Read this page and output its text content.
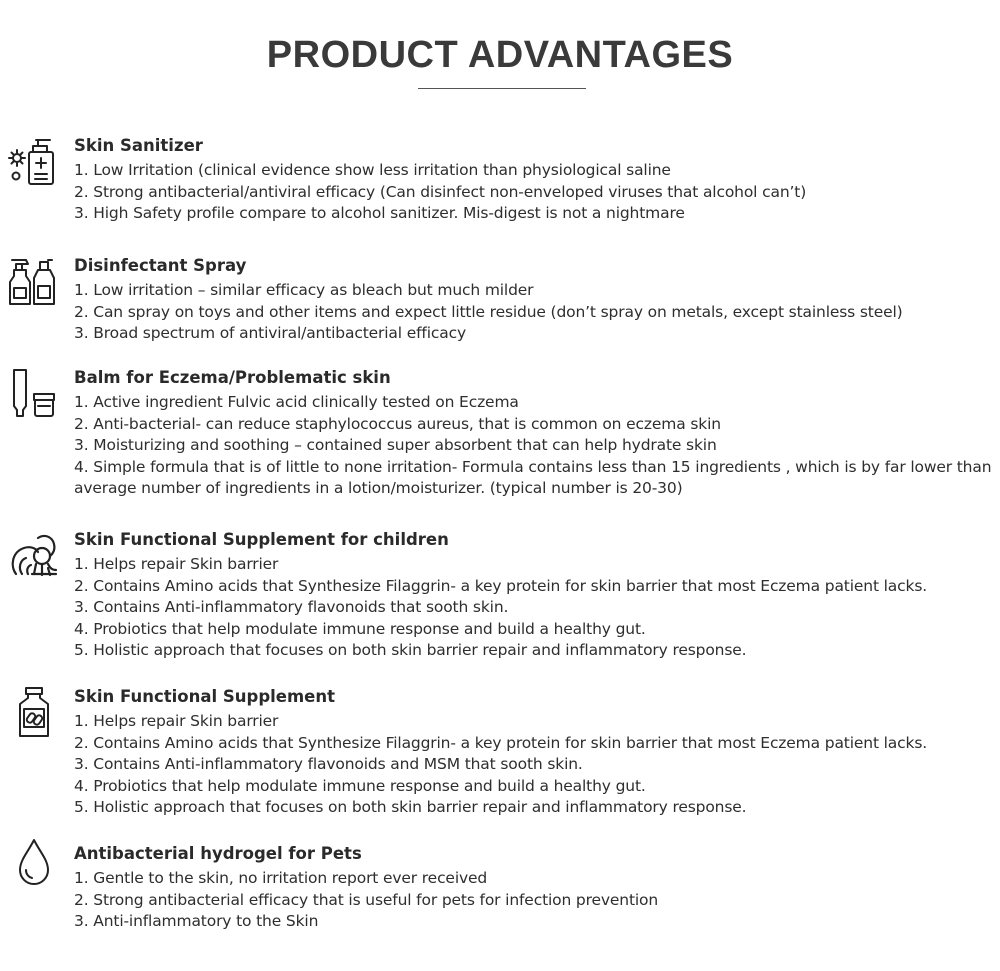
PRODUCT ADVANTAGES
Skin Sanitizer
1. Low Irritation (clinical evidence show less irritation than physiological saline
2. Strong antibacterial/antiviral efficacy (Can disinfect non-enveloped viruses that alcohol can’t)
3. High Safety profile compare to alcohol sanitizer. Mis-digest is not a nightmare
Disinfectant Spray
1. Low irritation – similar efficacy as bleach but much milder
2. Can spray on toys and other items and expect little residue (don’t spray on metals, except stainless steel)
3. Broad spectrum of antiviral/antibacterial efficacy
Balm for Eczema/Problematic skin
1. Active ingredient Fulvic acid clinically tested on Eczema
2. Anti-bacterial- can reduce staphylococcus aureus, that is common on eczema skin
3. Moisturizing and soothing – contained super absorbent that can help hydrate skin
4. Simple formula that is of little to none irritation- Formula contains less than 15 ingredients , which is by far lower than average number of ingredients in a lotion/moisturizer. (typical number is 20-30)
Skin Functional Supplement for children
1. Helps repair Skin barrier
2. Contains Amino acids that Synthesize Filaggrin- a key protein for skin barrier that most Eczema patient lacks.
3. Contains Anti-inflammatory flavonoids that sooth skin.
4. Probiotics that help modulate immune response and build a healthy gut.
5. Holistic approach that focuses on both skin barrier repair and inflammatory response.
Skin Functional Supplement
1. Helps repair Skin barrier
2. Contains Amino acids that Synthesize Filaggrin- a key protein for skin barrier that most Eczema patient lacks.
3. Contains Anti-inflammatory flavonoids and MSM that sooth skin.
4. Probiotics that help modulate immune response and build a healthy gut.
5. Holistic approach that focuses on both skin barrier repair and inflammatory response.
Antibacterial hydrogel for Pets
1. Gentle to the skin, no irritation report ever received
2. Strong antibacterial efficacy that is useful for pets for infection prevention
3. Anti-inflammatory to the Skin
